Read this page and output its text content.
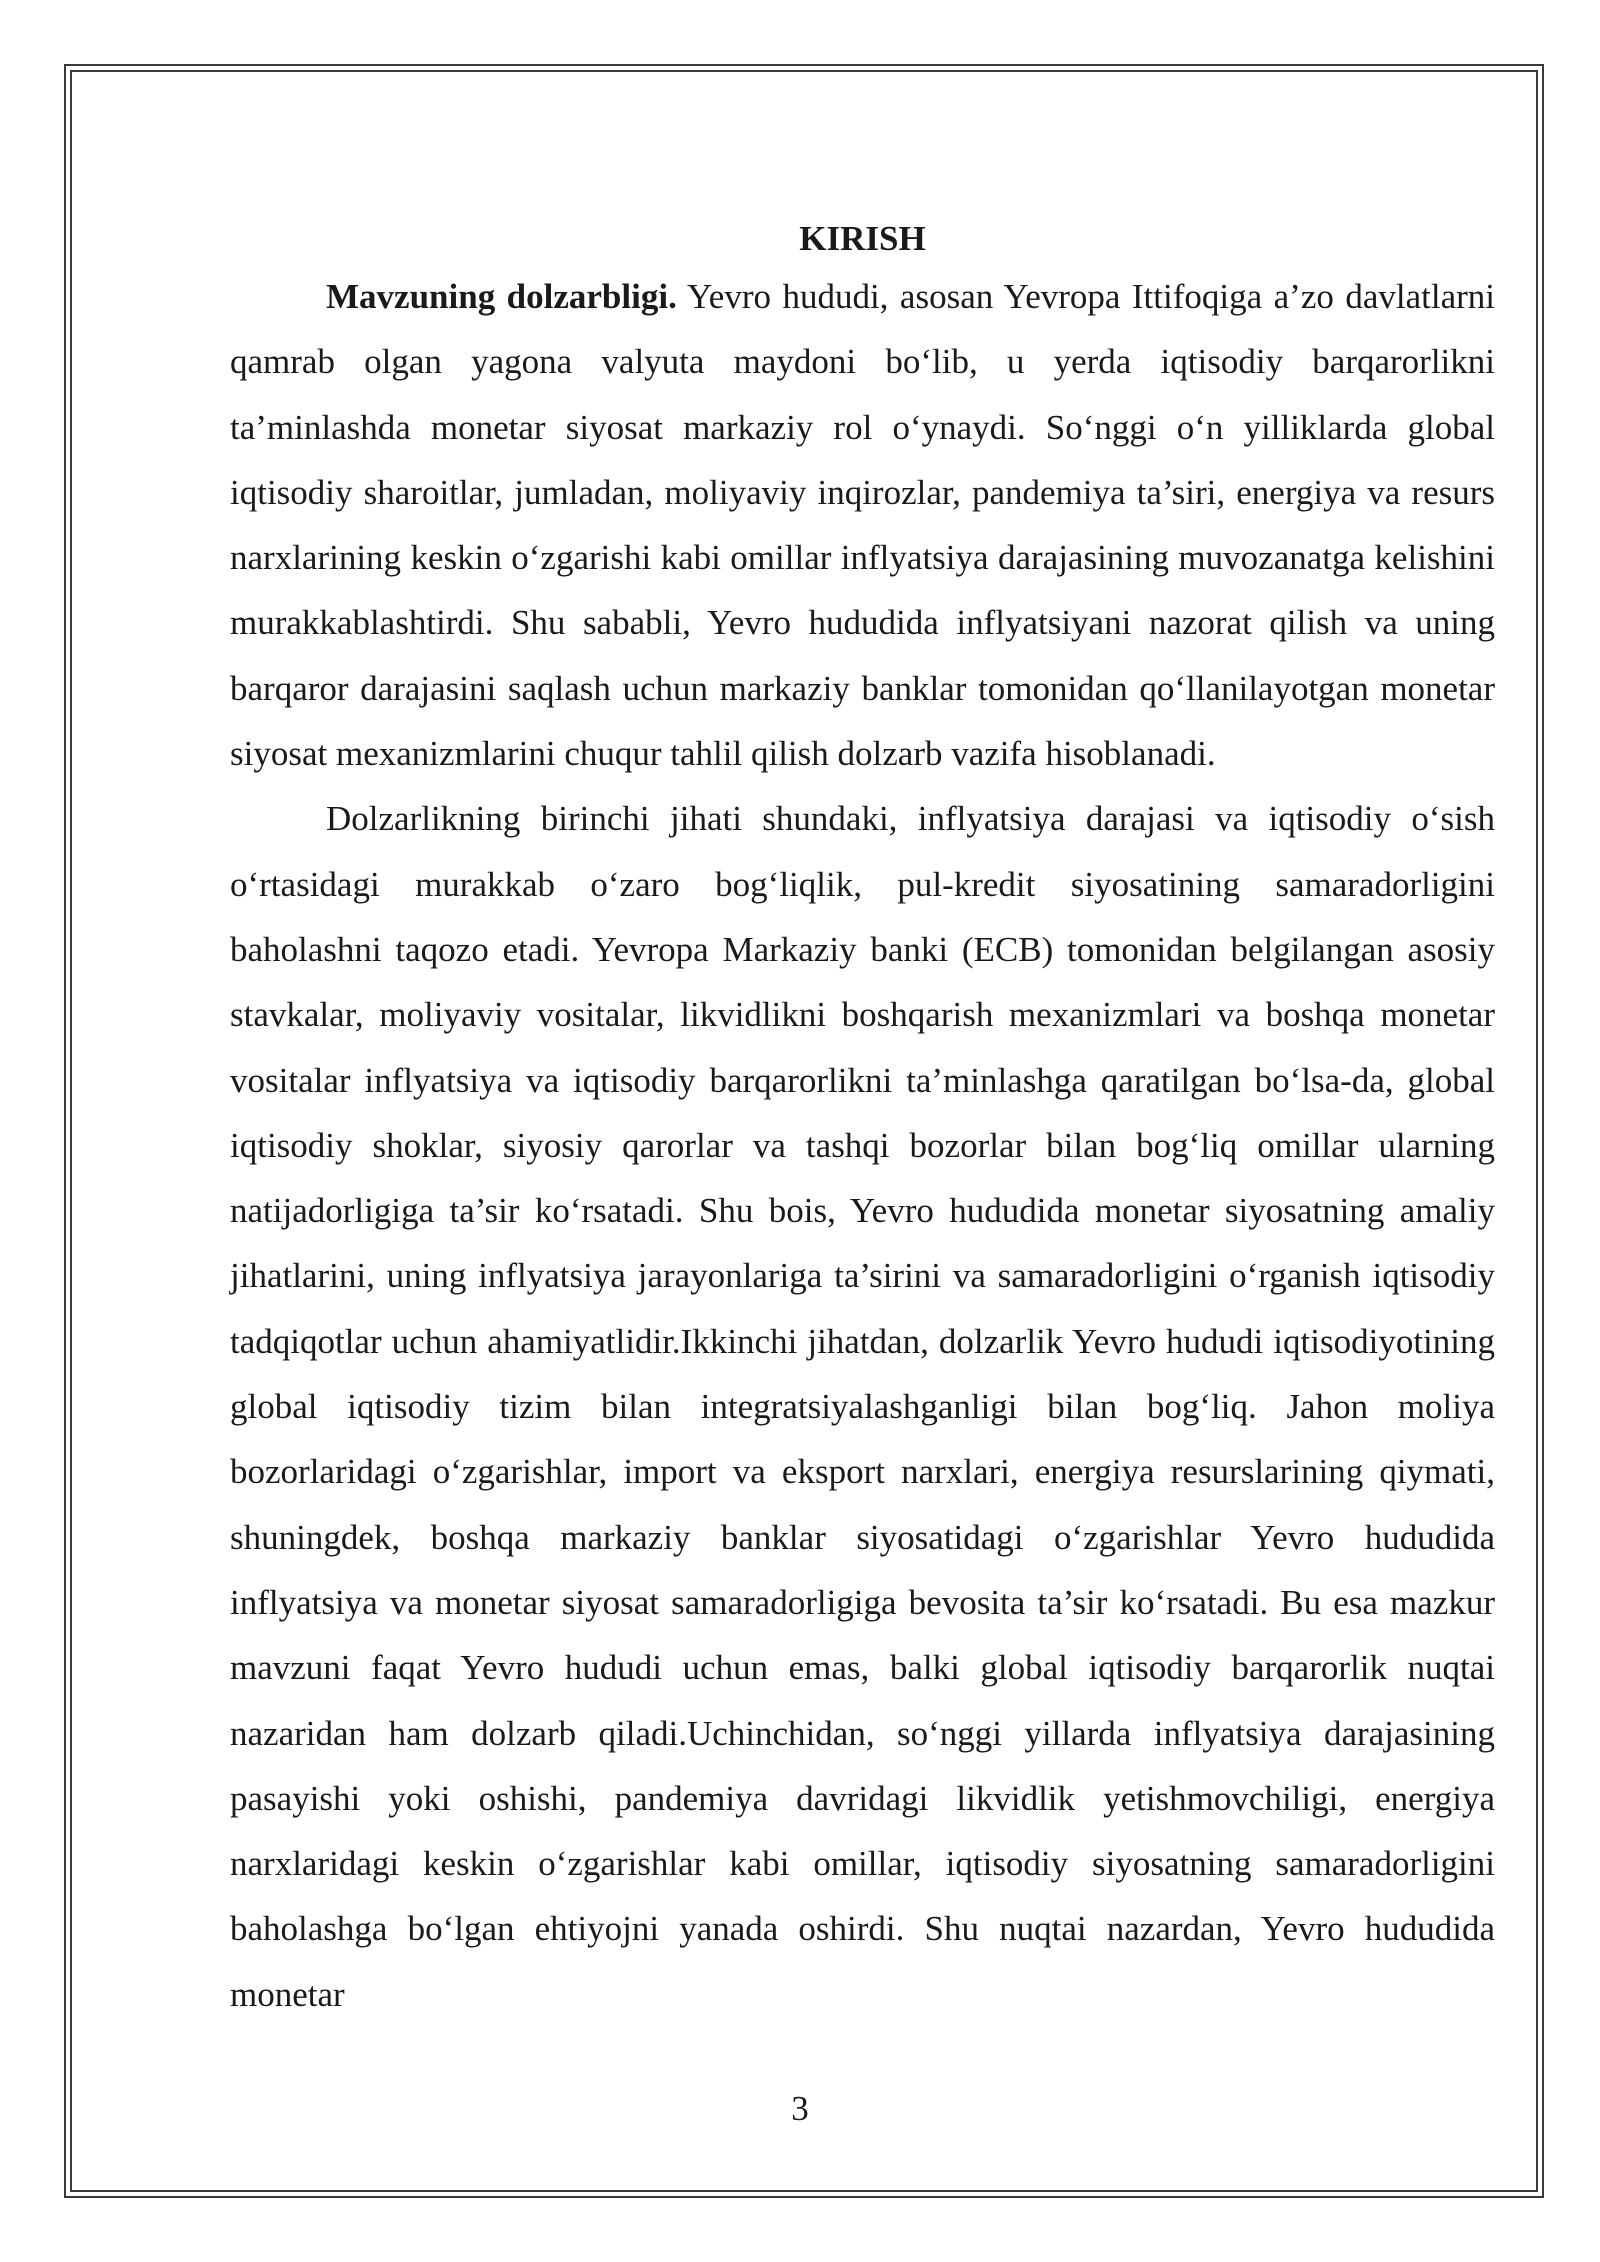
KIRISH

Mavzuning dolzarbligi. Yevro hududi, asosan Yevropa Ittifoqiga a’zo davlatlarni qamrab olgan yagona valyuta maydoni bo‘lib, u yerda iqtisodiy barqarorlikni ta’minlashda monetar siyosat markaziy rol o‘ynaydi. So‘nggi o‘n yilliklarda global iqtisodiy sharoitlar, jumladan, moliyaviy inqirozlar, pandemiya ta’siri, energiya va resurs narxlarining keskin o‘zgarishi kabi omillar inflyatsiya darajasining muvozanatga kelishini murakkablashtirdi. Shu sababli, Yevro hududida inflyatsiyani nazorat qilish va uning barqaror darajasini saqlash uchun markaziy banklar tomonidan qo‘llanilayotgan monetar siyosat mexanizmlarini chuqur tahlil qilish dolzarb vazifa hisoblanadi.

Dolzarlikning birinchi jihati shundaki, inflyatsiya darajasi va iqtisodiy o‘sish o‘rtasidagi murakkab o‘zaro bog‘liqlik, pul-kredit siyosatining samaradorligini baholashni taqozo etadi. Yevropa Markaziy banki (ECB) tomonidan belgilangan asosiy stavkalar, moliyaviy vositalar, likvidlikni boshqarish mexanizmlari va boshqa monetar vositalar inflyatsiya va iqtisodiy barqarorlikni ta’minlashga qaratilgan bo‘lsa-da, global iqtisodiy shoklar, siyosiy qarorlar va tashqi bozorlar bilan bog‘liq omillar ularning natijadorligiga ta’sir ko‘rsatadi. Shu bois, Yevro hududida monetar siyosatning amaliy jihatlarini, uning inflyatsiya jarayonlariga ta’sirini va samaradorligini o‘rganish iqtisodiy tadqiqotlar uchun ahamiyatlidir.Ikkinchi jihatdan, dolzarlik Yevro hududi iqtisodiyotining global iqtisodiy tizim bilan integratsiyalashganligi bilan bog‘liq. Jahon moliya bozorlaridagi o‘zgarishlar, import va eksport narxlari, energiya resurslarining qiymati, shuningdek, boshqa markaziy banklar siyosatidagi o‘zgarishlar Yevro hududida inflyatsiya va monetar siyosat samaradorligiga bevosita ta’sir ko‘rsatadi. Bu esa mazkur mavzuni faqat Yevro hududi uchun emas, balki global iqtisodiy barqarorlik nuqtai nazaridan ham dolzarb qiladi.Uchinchidan, so‘nggi yillarda inflyatsiya darajasining pasayishi yoki oshishi, pandemiya davridagi likvidlik yetishmovchiligi, energiya narxlaridagi keskin o‘zgarishlar kabi omillar, iqtisodiy siyosatning samaradorligini baholashga bo‘lgan ehtiyojni yanada oshirdi. Shu nuqtai nazardan, Yevro hududida monetar

3
